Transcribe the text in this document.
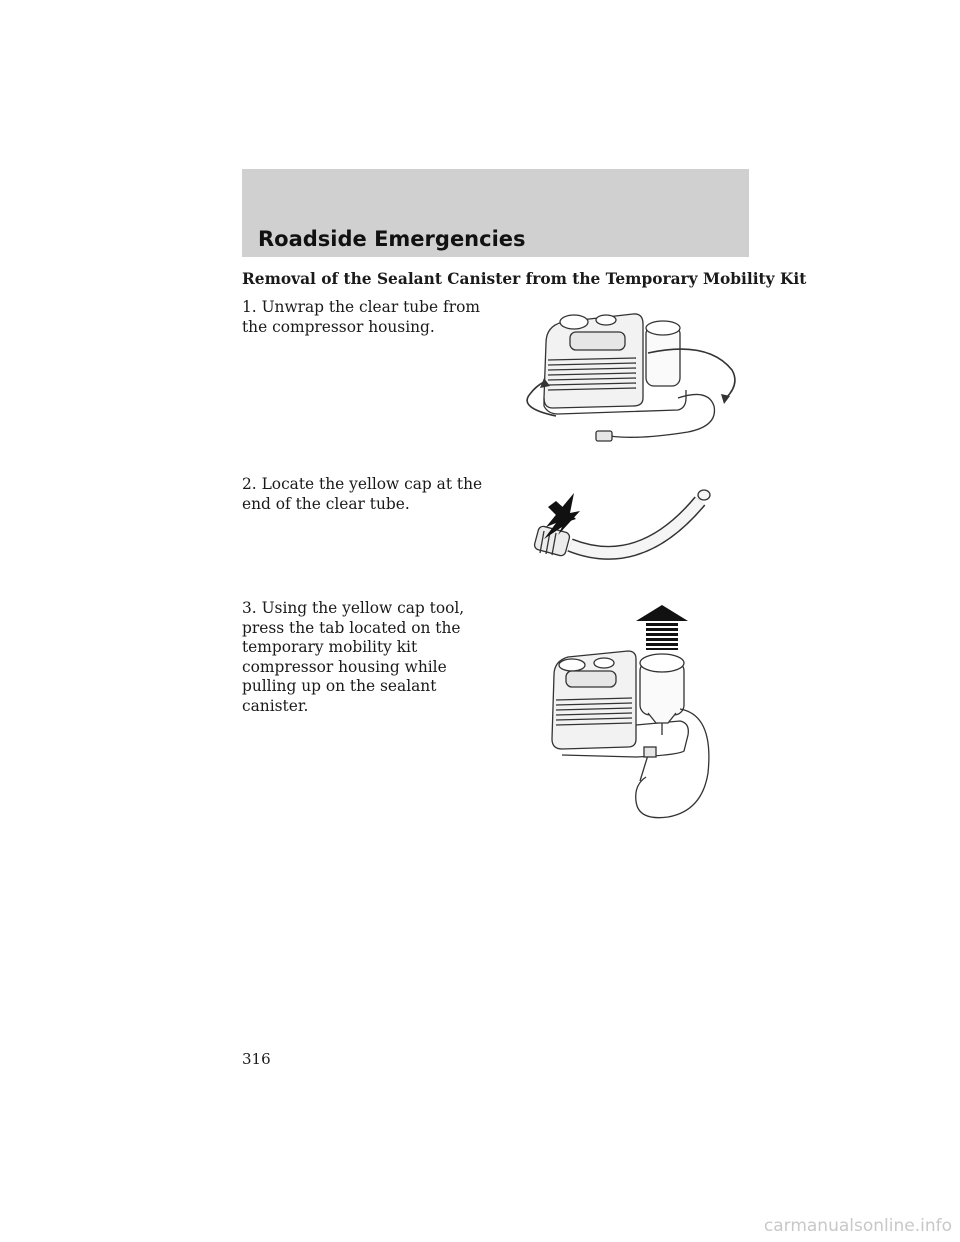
Roadside Emergencies
Removal of the Sealant Canister from the Temporary Mobility Kit
1. Unwrap the clear tube from the compressor housing.
2. Locate the yellow cap at the end of the clear tube.
3. Using the yellow cap tool, press the tab located on the temporary mobility kit compressor housing while pulling up on the sealant canister.
316
carmanualsonline.info
